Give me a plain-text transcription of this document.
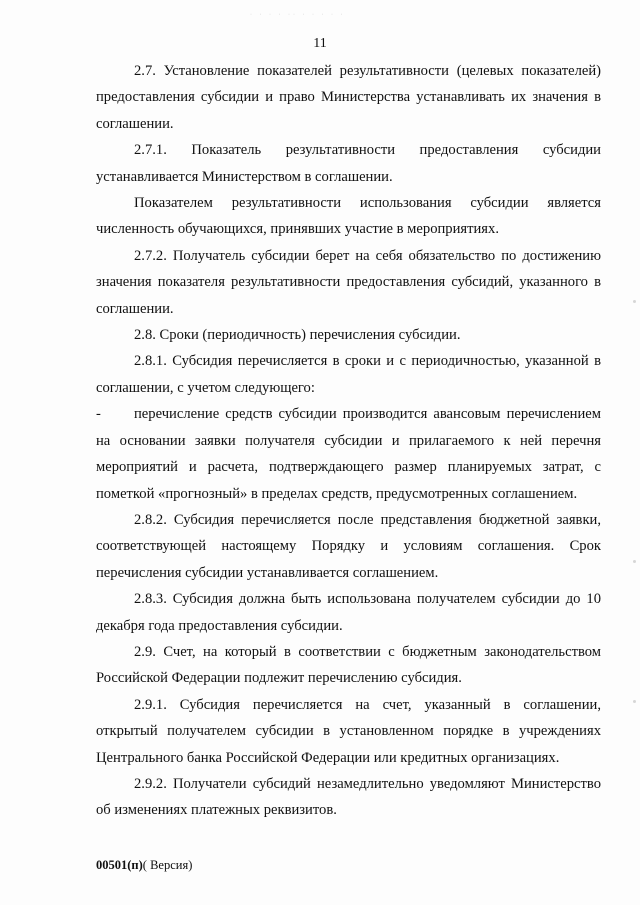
· · · · ·· · · · · ·
11

2.7. Установление показателей результативности (целевых показателей) предоставления субсидии и право Министерства устанавливать их значения в соглашении.

2.7.1. Показатель результативности предоставления субсидии устанавливается Министерством в соглашении.

Показателем результативности использования субсидии является численность обучающихся, принявших участие в мероприятиях.

2.7.2. Получатель субсидии берет на себя обязательство по достижению значения показателя результативности предоставления субсидий, указанного в соглашении.

2.8. Сроки (периодичность) перечисления субсидии.

2.8.1. Субсидия перечисляется в сроки и с периодичностью, указанной в соглашении, с учетом следующего:

- перечисление средств субсидии производится авансовым перечислением на основании заявки получателя субсидии и прилагаемого к ней перечня мероприятий и расчета, подтверждающего размер планируемых затрат, с пометкой «прогнозный» в пределах средств, предусмотренных соглашением.

2.8.2. Субсидия перечисляется после представления бюджетной заявки, соответствующей настоящему Порядку и условиям соглашения. Срок перечисления субсидии устанавливается соглашением.

2.8.3. Субсидия должна быть использована получателем субсидии до 10 декабря года предоставления субсидии.

2.9. Счет, на который в соответствии с бюджетным законодательством Российской Федерации подлежит перечислению субсидия.

2.9.1. Субсидия перечисляется на счет, указанный в соглашении, открытый получателем субсидии в установленном порядке в учреждениях Центрального банка Российской Федерации или кредитных организациях.

2.9.2. Получатели субсидий незамедлительно уведомляют Министерство об изменениях платежных реквизитов.

00501(п)( Версия)
